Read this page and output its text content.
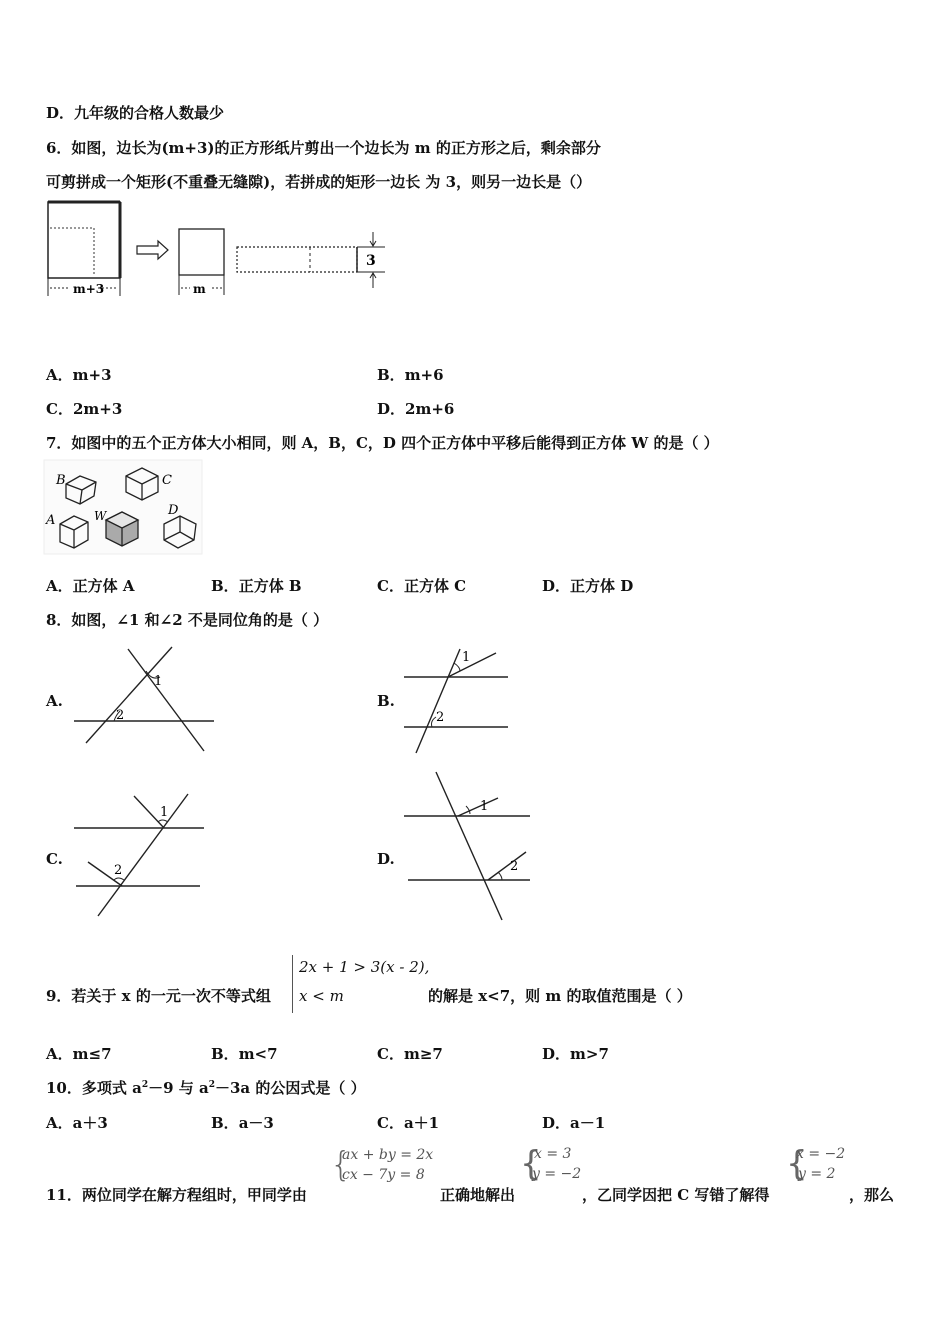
D．九年级的合格人数最少
6．如图，边长为(m+3)的正方形纸片剪出一个边长为 m 的正方形之后，剩余部分
可剪拼成一个矩形(不重叠无缝隙)，若拼成的矩形一边长 为 3，则另一边长是（）
m+3	m
3
A．m+3	B．m+6
C．2m+3	D．2m+6
7．如图中的五个正方体大小相同，则 A，B，C，D 四个正方体中平移后能得到正方体 W 的是（ ）
B	C
A	W	D
A．正方体 A	B．正方体 B	C．正方体 C	D．正方体 D
8．如图，∠1 和∠2 不是同位角的是（ ）
A.
1
2
B.
1
2
C.
1
2
D.
1
2
9．若关于 x 的一元一次不等式组
2x + 1 > 3(x - 2),
x < m	的解是 x<7，则 m 的取值范围是（ ）
A．m≤7	B．m<7	C．m≥7	D．m>7
10．多项式 $a^2-9$ 与 $a^2-3a$ 的公因式是（ ）
A．a＋3	B．a－3	C．a＋1	D．a－1
11．两位同学在解方程组时，甲同学由
{
ax + by = 2x
cx − 7y = 8
正确地解出
{
x = 3
y = −2
，乙同学因把 C 写错了解得
{
x = −2
y = 2
，那么
